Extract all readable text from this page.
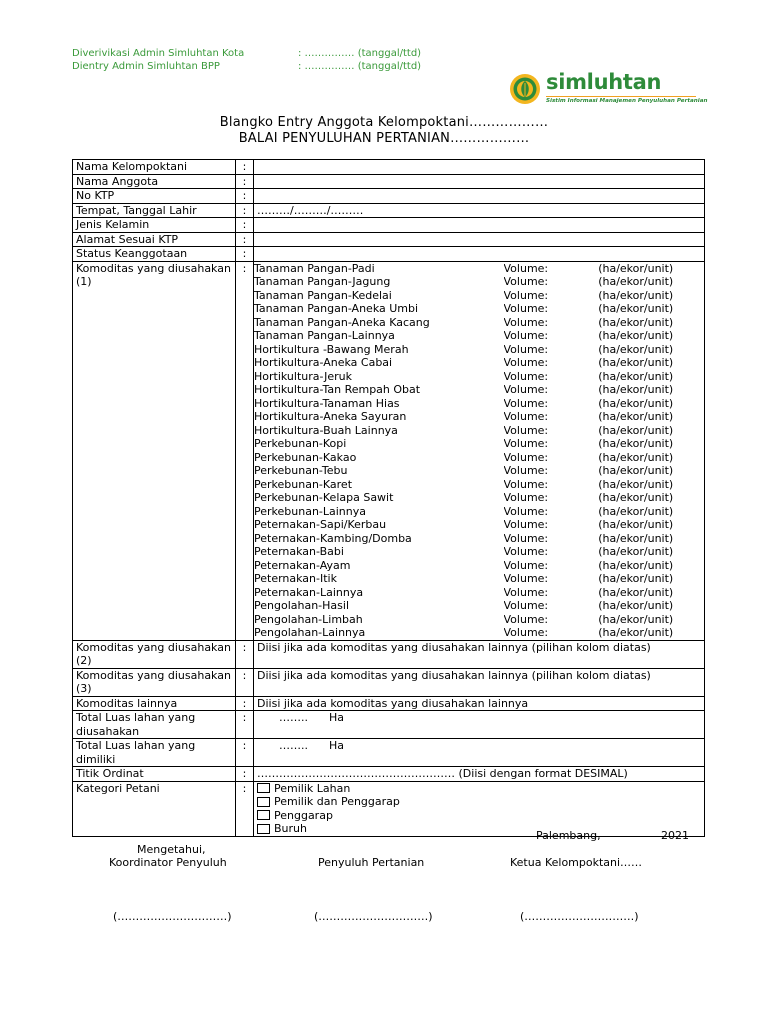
Diverivikasi Admin Simluhtan Kota	: …………… (tanggal/ttd)
Dientry Admin Simluhtan BPP	: …………… (tanggal/ttd)
simluhtan
Sistim Informasi Manajemen Penyuluhan Pertanian
Blangko Entry Anggota Kelompoktani………………
BALAI PENYULUHAN PERTANIAN………………
Nama Kelompoktani	:	
Nama Anggota	:	
No KTP	:	
Tempat, Tanggal Lahir	:	………/………/………
Jenis Kelamin	:	
Alamat Sesuai KTP	:	
Status Keanggotaan	:	
Komoditas yang diusahakan (1)	:	Tanaman Pangan-Padi	Volume:	(ha/ekor/unit)
Tanaman Pangan-Jagung	Volume:	(ha/ekor/unit)
Tanaman Pangan-Kedelai	Volume:	(ha/ekor/unit)
Tanaman Pangan-Aneka Umbi	Volume:	(ha/ekor/unit)
Tanaman Pangan-Aneka Kacang	Volume:	(ha/ekor/unit)
Tanaman Pangan-Lainnya	Volume:	(ha/ekor/unit)
Hortikultura -Bawang Merah	Volume:	(ha/ekor/unit)
Hortikultura-Aneka Cabai	Volume:	(ha/ekor/unit)
Hortikultura-Jeruk	Volume:	(ha/ekor/unit)
Hortikultura-Tan Rempah Obat	Volume:	(ha/ekor/unit)
Hortikultura-Tanaman Hias	Volume:	(ha/ekor/unit)
Hortikultura-Aneka Sayuran	Volume:	(ha/ekor/unit)
Hortikultura-Buah Lainnya	Volume:	(ha/ekor/unit)
Perkebunan-Kopi	Volume:	(ha/ekor/unit)
Perkebunan-Kakao	Volume:	(ha/ekor/unit)
Perkebunan-Tebu	Volume:	(ha/ekor/unit)
Perkebunan-Karet	Volume:	(ha/ekor/unit)
Perkebunan-Kelapa Sawit	Volume:	(ha/ekor/unit)
Perkebunan-Lainnya	Volume:	(ha/ekor/unit)
Peternakan-Sapi/Kerbau	Volume:	(ha/ekor/unit)
Peternakan-Kambing/Domba	Volume:	(ha/ekor/unit)
Peternakan-Babi	Volume:	(ha/ekor/unit)
Peternakan-Ayam	Volume:	(ha/ekor/unit)
Peternakan-Itik	Volume:	(ha/ekor/unit)
Peternakan-Lainnya	Volume:	(ha/ekor/unit)
Pengolahan-Hasil	Volume:	(ha/ekor/unit)
Pengolahan-Limbah	Volume:	(ha/ekor/unit)
Pengolahan-Lainnya	Volume:	(ha/ekor/unit)

Komoditas yang diusahakan (2)	:	Diisi jika ada komoditas yang diusahakan lainnya (pilihan kolom diatas)
Komoditas yang diusahakan (3)	:	Diisi jika ada komoditas yang diusahakan lainnya (pilihan kolom diatas)
Komoditas lainnya	:	Diisi jika ada komoditas yang diusahakan lainnya
Total Luas lahan yang diusahakan	:	……..      Ha
Total Luas lahan yang dimiliki	:	……..      Ha
Titik Ordinat	:	……………………………………………… (Diisi dengan format DESIMAL)
Kategori Petani	:	Pemilik Lahan
Pemilik dan Penggarap
Penggarap
Buruh
Palembang,	2021
Mengetahui,
Koordinator Penyuluh
(…………………………)
Penyuluh Pertanian
(…………………………)
Ketua Kelompoktani……
(…………………………)
